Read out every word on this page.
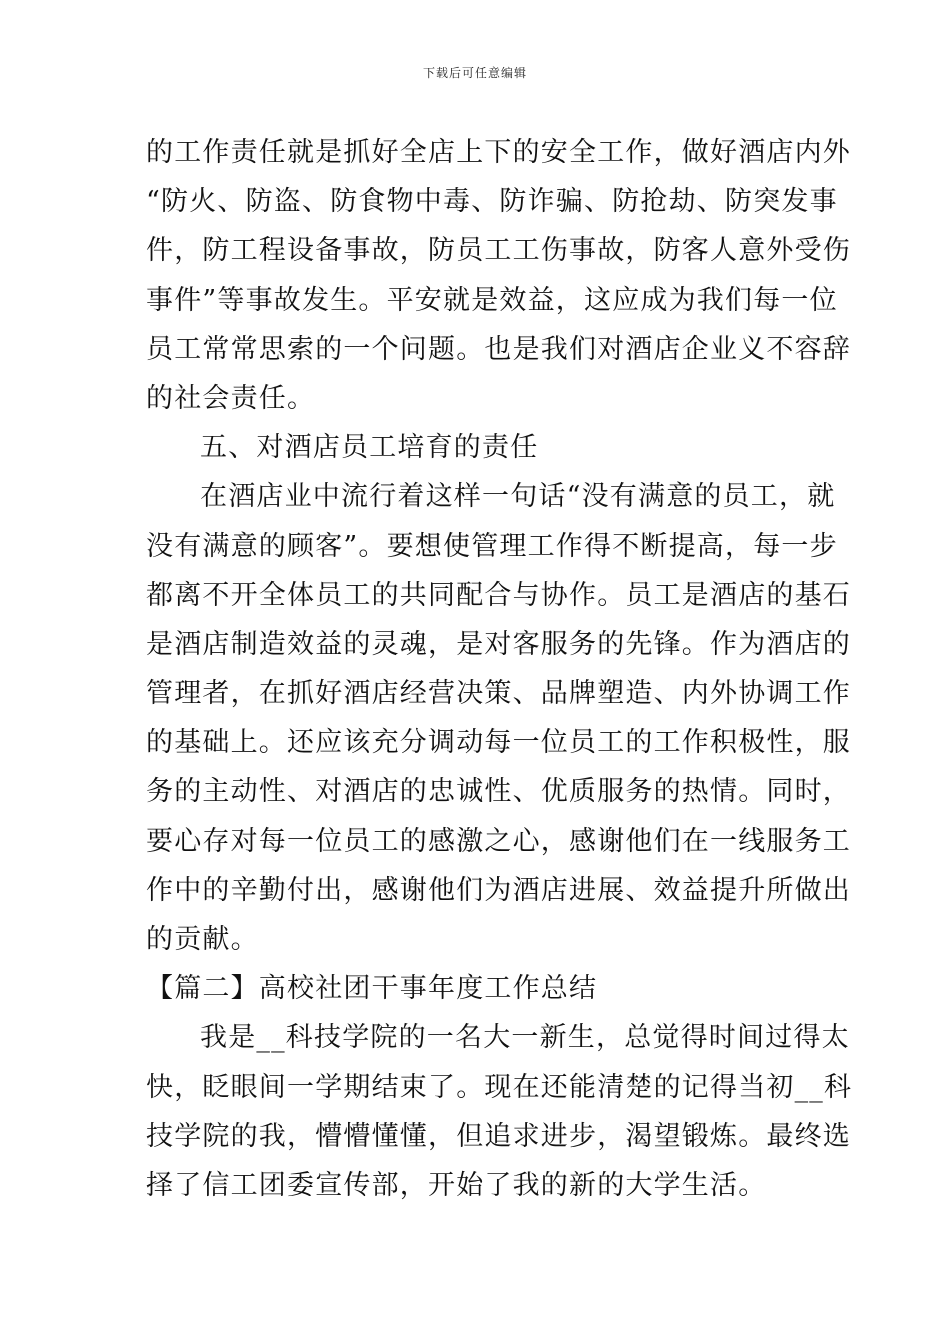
下载后可任意编辑
的工作责任就是抓好全店上下的安全工作，做好酒店内外
“防火、防盗、防食物中毒、防诈骗、防抢劫、防突发事
件，防工程设备事故，防员工工伤事故，防客人意外受伤
事件”等事故发生。平安就是效益，这应成为我们每一位
员工常常思索的一个问题。也是我们对酒店企业义不容辞
的社会责任。
五、对酒店员工培育的责任
在酒店业中流行着这样一句话“没有满意的员工，就
没有满意的顾客”。要想使管理工作得不断提高，每一步
都离不开全体员工的共同配合与协作。员工是酒店的基石
是酒店制造效益的灵魂，是对客服务的先锋。作为酒店的
管理者，在抓好酒店经营决策、品牌塑造、内外协调工作
的基础上。还应该充分调动每一位员工的工作积极性，服
务的主动性、对酒店的忠诚性、优质服务的热情。同时，
要心存对每一位员工的感激之心，感谢他们在一线服务工
作中的辛勤付出，感谢他们为酒店进展、效益提升所做出
的贡献。
【篇二】高校社团干事年度工作总结
我是__科技学院的一名大一新生，总觉得时间过得太
快，眨眼间一学期结束了。现在还能清楚的记得当初__科
技学院的我，懵懵懂懂，但追求进步，渴望锻炼。最终选
择了信工团委宣传部，开始了我的新的大学生活。
